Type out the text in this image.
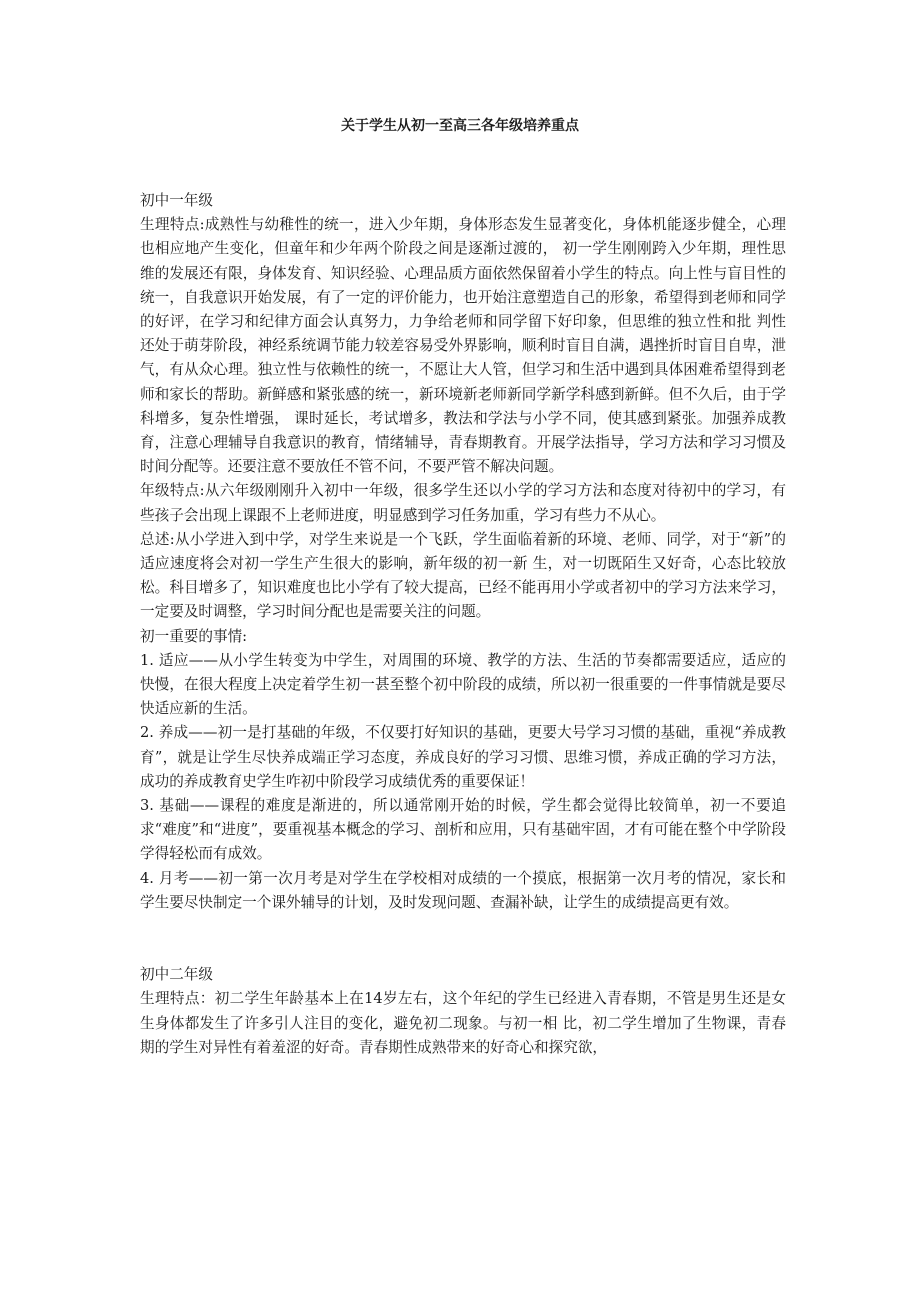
关于学生从初一至高三各年级培养重点

初中一年级

生理特点:成熟性与幼稚性的统一，进入少年期，身体形态发生显著变化，身体机能逐步健全，心理也相应地产生变化，但童年和少年两个阶段之间是逐渐过渡的， 初一学生刚刚跨入少年期，理性思维的发展还有限，身体发育、知识经验、心理品质方面依然保留着小学生的特点。向上性与盲目性的统一，自我意识开始发展，有了一定的评价能力，也开始注意塑造自己的形象，希望得到老师和同学的好评，在学习和纪律方面会认真努力，力争给老师和同学留下好印象，但思维的独立性和批 判性还处于萌芽阶段，神经系统调节能力较差容易受外界影响，顺利时盲目自满，遇挫折时盲目自卑，泄气，有从众心理。独立性与依赖性的统一，不愿让大人管，但学习和生活中遇到具体困难希望得到老师和家长的帮助。新鲜感和紧张感的统一，新环境新老师新同学新学科感到新鲜。但不久后，由于学科增多，复杂性增强， 课时延长，考试增多，教法和学法与小学不同，使其感到紧张。加强养成教育，注意心理辅导自我意识的教育，情绪辅导，青春期教育。开展学法指导，学习方法和学习习惯及时间分配等。还要注意不要放任不管不问，不要严管不解决问题。

年级特点:从六年级刚刚升入初中一年级，很多学生还以小学的学习方法和态度对待初中的学习，有些孩子会出现上课跟不上老师进度，明显感到学习任务加重，学习有些力不从心。

总述:从小学进入到中学，对学生来说是一个飞跃，学生面临着新的环境、老师、同学，对于“新”的适应速度将会对初一学生产生很大的影响，新年级的初一新 生，对一切既陌生又好奇，心态比较放松。科目增多了，知识难度也比小学有了较大提高，已经不能再用小学或者初中的学习方法来学习，一定要及时调整，学习时间分配也是需要关注的问题。

初一重要的事情:

1. 适应——从小学生转变为中学生，对周围的环境、教学的方法、生活的节奏都需要适应，适应的快慢，在很大程度上决定着学生初一甚至整个初中阶段的成绩，所以初一很重要的一件事情就是要尽快适应新的生活。

2. 养成——初一是打基础的年级，不仅要打好知识的基础，更要大号学习习惯的基础，重视“养成教育”，就是让学生尽快养成端正学习态度，养成良好的学习习惯、思维习惯，养成正确的学习方法，成功的养成教育史学生咋初中阶段学习成绩优秀的重要保证！

3. 基础——课程的难度是渐进的，所以通常刚开始的时候，学生都会觉得比较简单，初一不要追求“难度”和“进度”，要重视基本概念的学习、剖析和应用，只有基础牢固，才有可能在整个中学阶段学得轻松而有成效。

4. 月考——初一第一次月考是对学生在学校相对成绩的一个摸底，根据第一次月考的情况，家长和学生要尽快制定一个课外辅导的计划，及时发现问题、查漏补缺，让学生的成绩提高更有效。

初中二年级

生理特点：初二学生年龄基本上在14岁左右，这个年纪的学生已经进入青春期，不管是男生还是女生身体都发生了许多引人注目的变化，避免初二现象。与初一相 比，初二学生增加了生物课，青春期的学生对异性有着羞涩的好奇。青春期性成熟带来的好奇心和探究欲，
